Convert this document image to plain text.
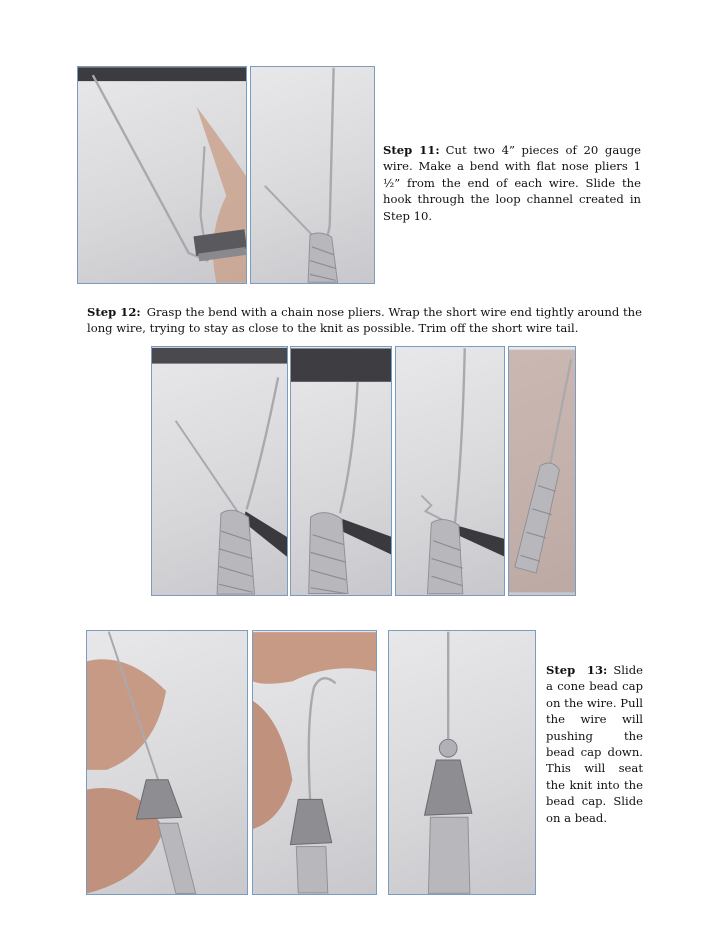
Step 11: Cut two 4” pieces of 20 gauge wire. Make a bend with flat nose pliers 1 ½” from the end of each wire. Slide the hook through the loop channel created in Step 10.
Step 12: Grasp the bend with a chain nose pliers. Wrap the short wire end tightly around the long wire, trying to stay as close to the knit as possible. Trim off the short wire tail.
Step 13: Slide a cone bead cap on the wire. Pull the wire will pushing the bead cap down. This will seat the knit into the bead cap. Slide on a bead.
